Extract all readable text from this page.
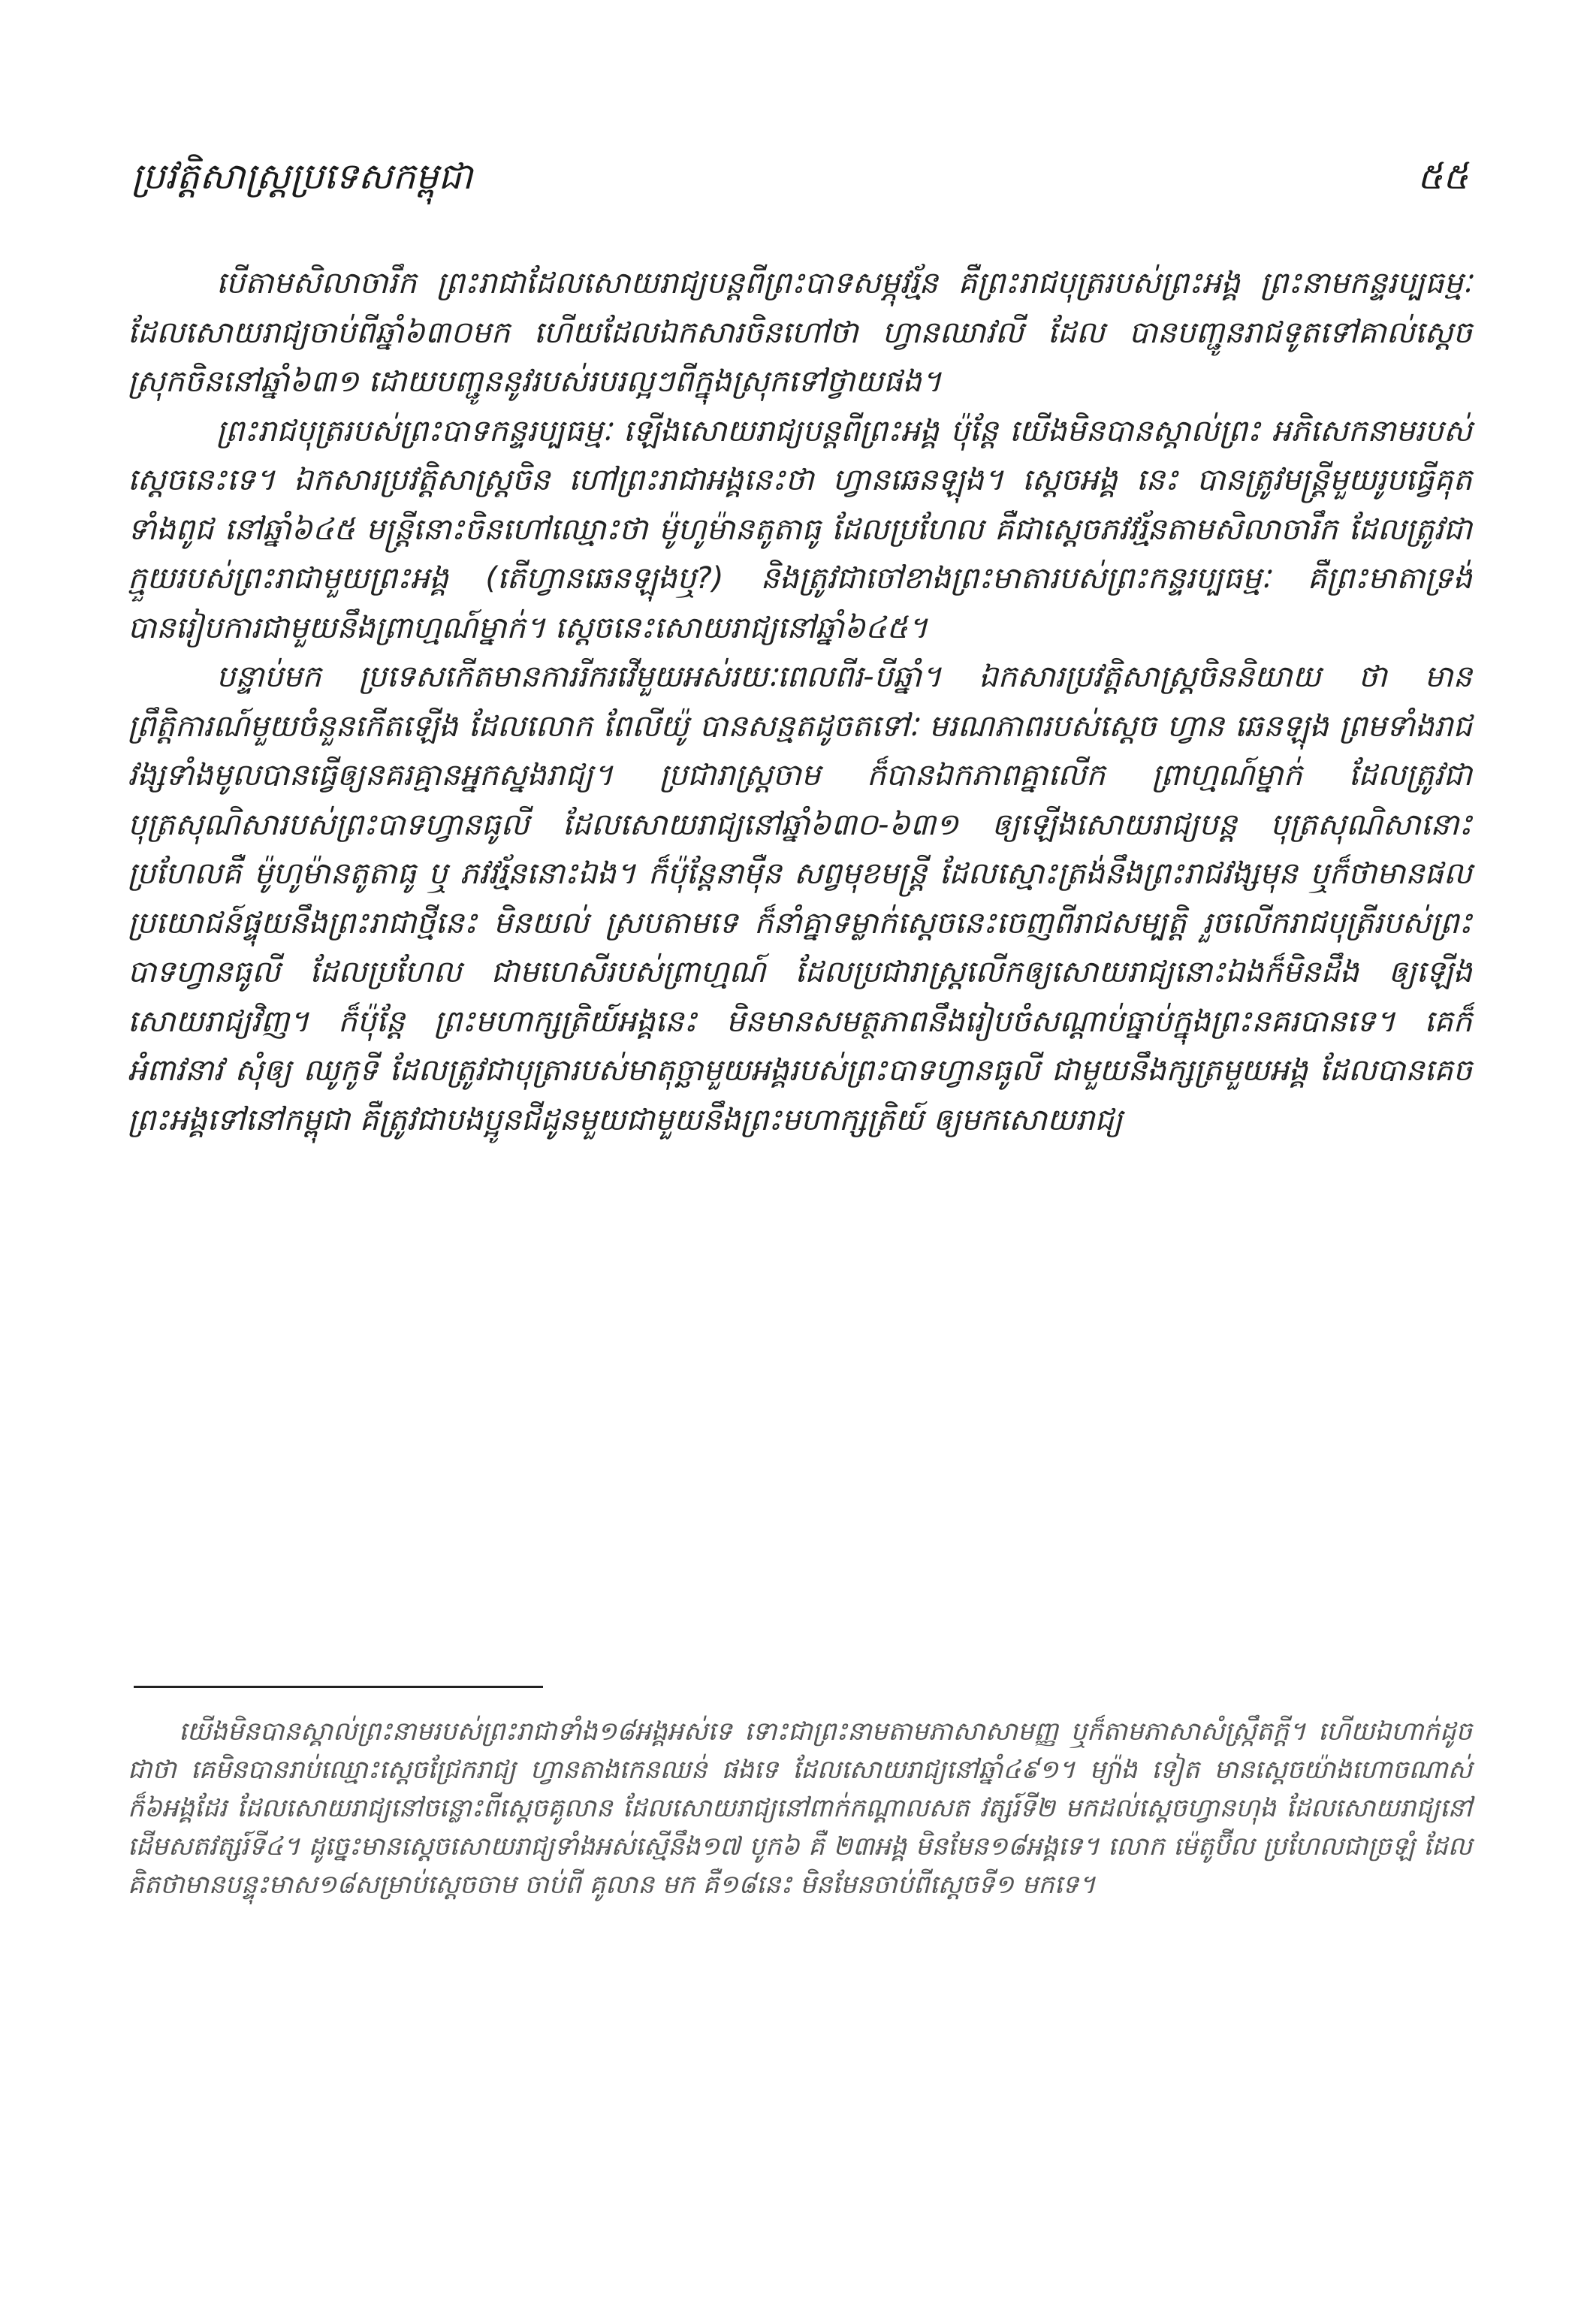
ប្រវត្តិសាស្ត្រប្រទេសកម្ពុជា	៥៥

បើតាមសិលាចារឹក ព្រះរាជាដែលសោយរាជ្យបន្តពីព្រះបាទសម្ភុវរ្ម័ន គឺព្រះរាជបុត្ររបស់ព្រះអង្គ ព្រះនាមកន្ទរប្បធម្មៈ ដែលសោយរាជ្យចាប់ពីឆ្នាំ៦៣០មក ហើយដែលឯកសារចិនហៅថា ហ្វានឈាវលី ដែល បានបញ្ជូនរាជទូតទៅគាល់ស្តេចស្រុកចិននៅឆ្នាំ៦៣១ ដោយបញ្ជូននូវរបស់របរល្អៗពីក្នុងស្រុកទៅថ្វាយផង។

ព្រះរាជបុត្ររបស់ព្រះបាទកន្ទរប្បធម្មៈ ឡើងសោយរាជ្យបន្តពីព្រះអង្គ ប៉ុន្តែ យើងមិនបានស្គាល់ព្រះ អភិសេកនាមរបស់ស្តេចនេះទេ។ ឯកសារប្រវត្តិសាស្ត្រចិន ហៅព្រះរាជាអង្គនេះថា ហ្វានឆេនឡុង។ ស្តេចអង្គ នេះ បានត្រូវមន្ត្រីមួយរូបធ្វើគុតទាំងពូជ នៅឆ្នាំ៦៤៥ មន្ត្រីនោះចិនហៅឈ្មោះថា ម៉ូហូម៉ានតូតាធូ ដែលប្រហែល គឺជាស្តេចភវវរ្ម័នតាមសិលាចារឹក ដែលត្រូវជាក្មួយរបស់ព្រះរាជាមួយព្រះអង្គ (តើហ្វានឆេនឡុងឬ?) និងត្រូវជាចៅខាងព្រះមាតារបស់ព្រះកន្ទរប្បធម្មៈ គឺព្រះមាតាទ្រង់បានរៀបការជាមួយនឹងព្រាហ្មណ៍ម្នាក់។ ស្តេចនេះសោយរាជ្យនៅឆ្នាំ៦៤៥។

បន្ទាប់មក ប្រទេសកើតមានការរីករវើមួយអស់រយៈពេលពីរ-បីឆ្នាំ។ ឯកសារប្រវត្តិសាស្ត្រចិននិយាយ ថា មានព្រឹត្តិការណ៍មួយចំនួនកើតឡើង ដែលលោក ពែលីយ៉ូ បានសន្មតដូចតទៅៈ មរណភាពរបស់ស្តេច ហ្វាន ឆេនឡុង ព្រមទាំងរាជវង្សទាំងមូលបានធ្វើឲ្យនគរគ្មានអ្នកស្នងរាជ្យ។ ប្រជារាស្ត្រចាម ក៏បានឯកភាពគ្នាលើក ព្រាហ្មណ៍ម្នាក់ ដែលត្រូវជា បុត្រសុណិសារបស់ព្រះបាទហ្វានធូលី ដែលសោយរាជ្យនៅឆ្នាំ៦៣០-៦៣១ ឲ្យឡើងសោយរាជ្យបន្ត បុត្រសុណិសានោះប្រហែលគឺ ម៉ូហូម៉ានតូតាធូ ឬ ភវវរ្ម័ននោះឯង។ ក៏ប៉ុន្តែនាម៉ឺន សព្វមុខមន្ត្រី ដែលស្មោះត្រង់នឹងព្រះរាជវង្សមុន ឬក៏ថាមានផលប្រយោជន៍ផ្ទុយនឹងព្រះរាជាថ្មីនេះ មិនយល់ ស្របតាមទេ ក៏នាំគ្នាទម្លាក់ស្តេចនេះចេញពីរាជសម្បត្តិ រួចលើករាជបុត្រីរបស់ព្រះបាទហ្វានធូលី ដែលប្រហែល ជាមហេសីរបស់ព្រាហ្មណ៍ ដែលប្រជារាស្ត្រលើកឲ្យសោយរាជ្យនោះឯងក៏មិនដឹង ឲ្យឡើងសោយរាជ្យវិញ។ ក៏ប៉ុន្តែ ព្រះមហាក្សត្រិយ៍អង្គនេះ មិនមានសមត្ថភាពនឹងរៀបចំសណ្តាប់ធ្នាប់ក្នុងព្រះនគរបានទេ។ គេក៏អំពាវនាវ សុំឲ្យ ឈូកូទី ដែលត្រូវជាបុត្រារបស់មាតុច្ឆាមួយអង្គរបស់ព្រះបាទហ្វានធូលី ជាមួយនឹងក្សត្រមួយអង្គ ដែលបានគេចព្រះអង្គទៅនៅកម្ពុជា គឺត្រូវជាបងប្អូនជីដូនមួយជាមួយនឹងព្រះមហាក្សត្រិយ៍ ឲ្យមកសោយរាជ្យ

យើងមិនបានស្គាល់ព្រះនាមរបស់ព្រះរាជាទាំង១៨អង្គអស់ទេ ទោះជាព្រះនាមតាមភាសាសាមញ្ញ ឬក៏តាមភាសាសំស្ក្រឹតក្តី។ ហើយឯហាក់ដូចជាថា គេមិនបានរាប់ឈ្មោះស្តេចជ្រែករាជ្យ ហ្វានតាងកេនឈន់ ផងទេ ដែលសោយរាជ្យនៅឆ្នាំ៤៩១។ ម្យ៉ាង ទៀត មានស្តេចយ៉ាងហោចណាស់ក៏៦អង្គដែរ ដែលសោយរាជ្យនៅចន្លោះពីស្តេចគូលាន ដែលសោយរាជ្យនៅពាក់កណ្តាលសត វត្សរ៍ទី២ មកដល់ស្តេចហ្វានហុង ដែលសោយរាជ្យនៅដើមសតវត្សរ៍ទី៤។ ដូច្នេះមានស្តេចសោយរាជ្យទាំងអស់ស្មើនឹង១៧ បូក៦ គឺ ២៣អង្គ មិនមែន១៨អង្គទេ។ លោក ម៉េតូប៊ីល ប្រហែលជាច្រឡំ ដែលគិតថាមានបន្ទុះមាស១៨សម្រាប់ស្តេចចាម ចាប់ពី គូលាន មក គឺ១៨នេះ មិនមែនចាប់ពីស្តេចទី១ មកទេ។
